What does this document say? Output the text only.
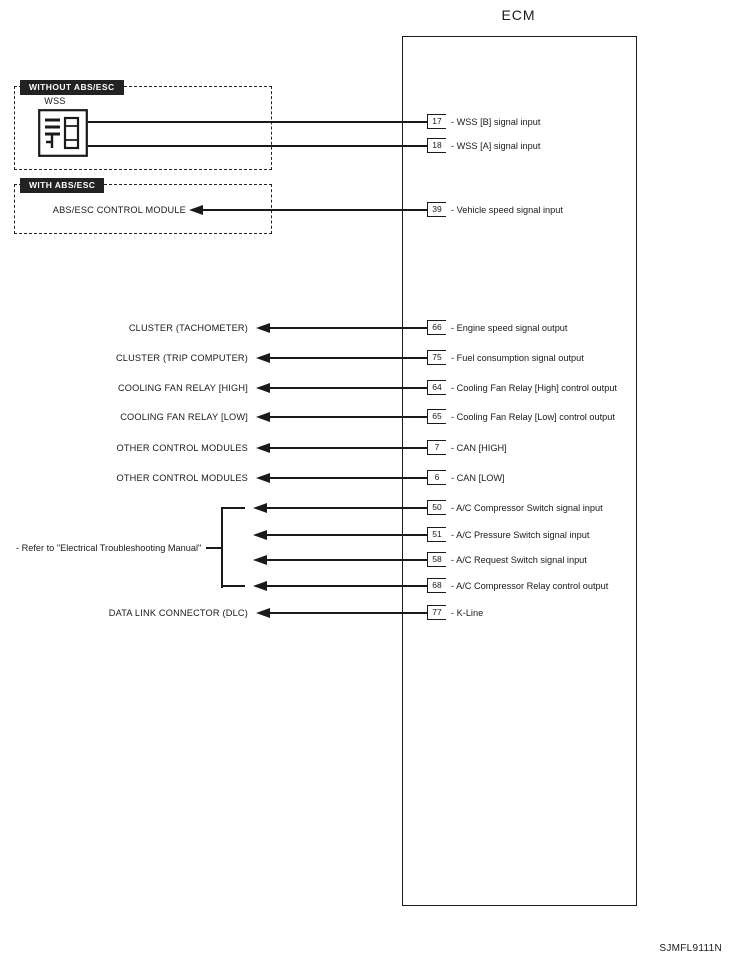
ECM
WITHOUT ABS/ESC
WSS
WITH ABS/ESC
17	- WSS [B] signal input
18	- WSS [A] signal input
ABS/ESC CONTROL MODULE	39	- Vehicle speed signal input
CLUSTER (TACHOMETER)	66	- Engine speed signal output
CLUSTER (TRIP COMPUTER)	75	- Fuel consumption signal output
COOLING FAN RELAY [HIGH]	64	- Cooling Fan Relay [High] control output
COOLING FAN RELAY [LOW]	65	- Cooling Fan Relay [Low] control output
OTHER CONTROL MODULES	7	- CAN [HIGH]
OTHER CONTROL MODULES	6	- CAN [LOW]
- Refer to "Electrical Troubleshooting Manual"
50	- A/C Compressor Switch signal input
51	- A/C Pressure Switch signal input
58	- A/C Request Switch signal input
68	- A/C Compressor Relay control output
DATA LINK CONNECTOR (DLC)	77	- K-Line
SJMFL9111N
